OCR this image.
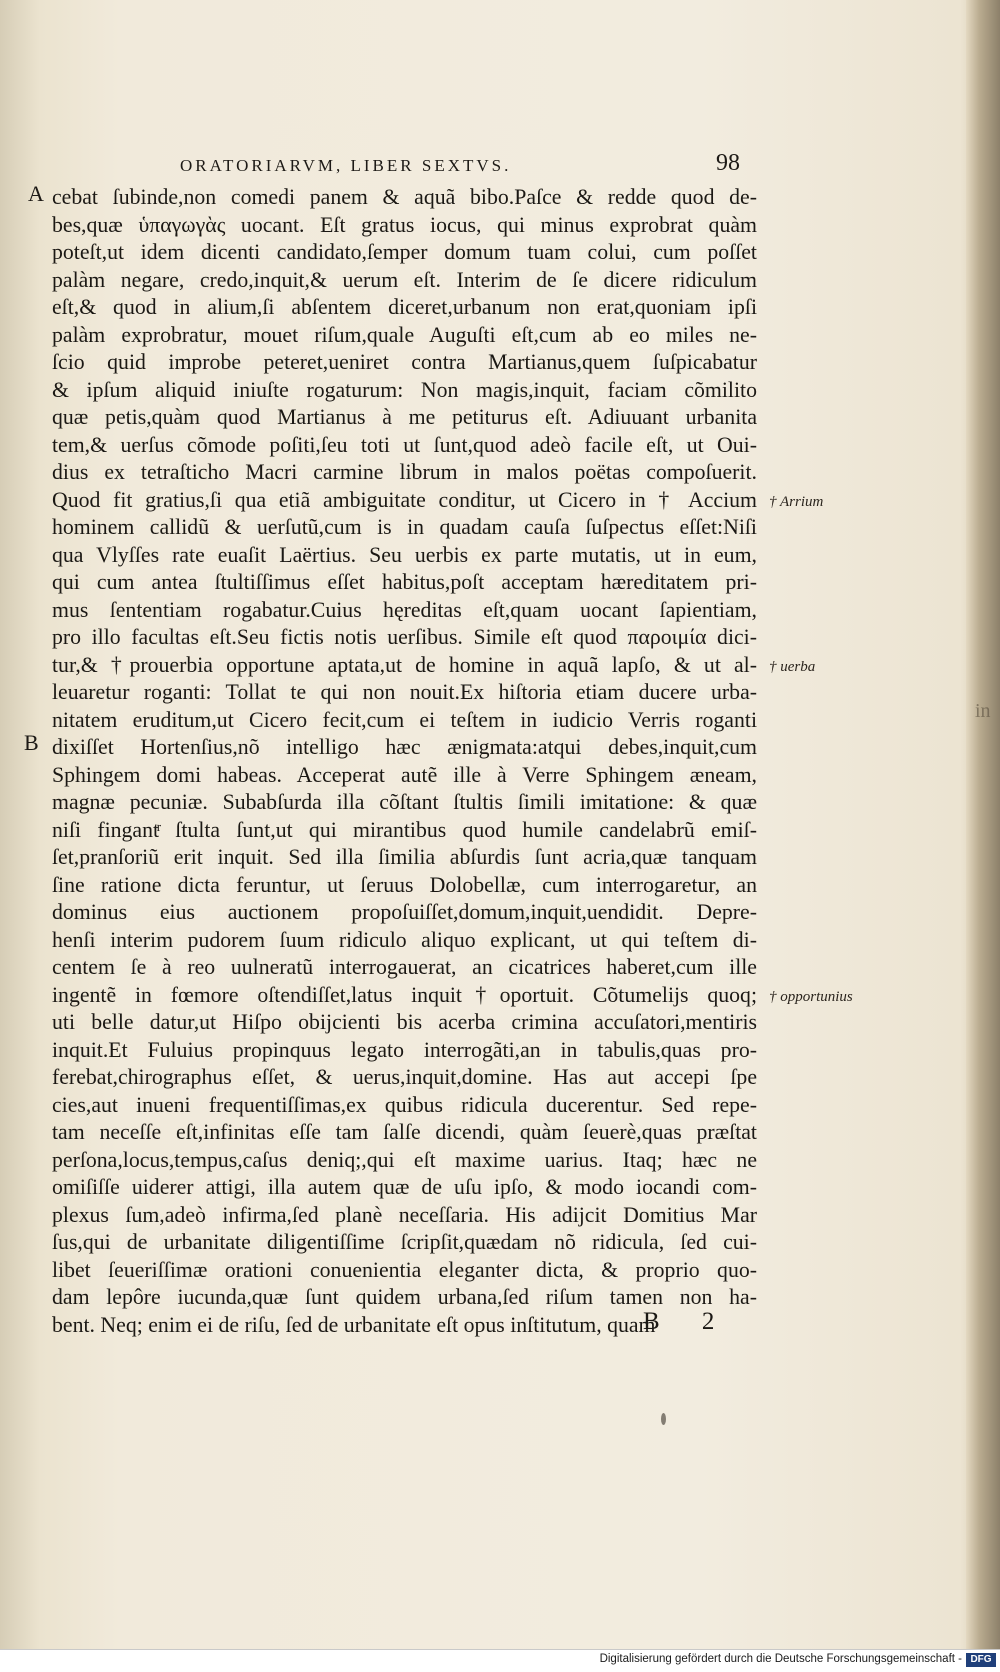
in
ORATORIARVM, LIBER SEXTVS.	98
A
B
cebat ſubinde,non comedi panem & aquã bibo.Paſce & redde quod de-
bes,quæ ὑπαγωγὰς uocant. Eſt gratus iocus, qui minus exprobrat quàm
poteſt,ut idem dicenti candidato,ſemper domum tuam colui, cum poſſet
palàm negare, credo,inquit,& uerum eſt. Interim de ſe dicere ridiculum
eſt,& quod in alium,ſi abſentem diceret,urbanum non erat,quoniam ipſi
palàm exprobratur, mouet riſum,quale Auguſti eſt,cum ab eo miles ne-
ſcio quid improbe peteret,ueniret contra Martianus,quem ſuſpicabatur
& ipſum aliquid iniuſte rogaturum: Non magis,inquit, faciam cõmilito
quæ petis,quàm quod Martianus à me petiturus eſt. Adiuuant urbanita
tem,& uerſus cõmode poſiti,ſeu toti ut ſunt,quod adeò facile eſt, ut Oui-
dius ex tetraſticho Macri carmine librum in malos poëtas compoſuerit.
Quod fit gratius,ſi qua etiã ambiguitate conditur, ut Cicero in † Accium
hominem callidũ & uerſutũ,cum is in quadam cauſa ſuſpectus eſſet:Niſi
qua Vlyſſes rate euaſit Laërtius. Seu uerbis ex parte mutatis, ut in eum,
qui cum antea ſtultiſſimus eſſet habitus,poſt acceptam hæreditatem pri-
mus ſententiam rogabatur.Cuius hęreditas eſt,quam uocant ſapientiam,
pro illo facultas eſt.Seu fictis notis uerſibus. Simile eſt quod παροιμία dici-
tur,& †prouerbia opportune aptata,ut de homine in aquã lapſo, & ut al-
leuaretur roganti: Tollat te qui non nouit.Ex hiſtoria etiam ducere urba-
nitatem eruditum,ut Cicero fecit,cum ei teſtem in iudicio Verris roganti
dixiſſet Hortenſius,nõ intelligo hæc ænigmata:atqui debes,inquit,cum
Sphingem domi habeas. Acceperat autẽ ille à Verre Sphingem æneam,
magnæ pecuniæ. Subabſurda illa cõſtant ſtultis ſimili imitatione: & quæ
niſi fingantͬ ſtulta ſunt,ut qui mirantibus quod humile candelabrũ emiſ-
ſet,pranſoriũ erit inquit. Sed illa ſimilia abſurdis ſunt acria,quæ tanquam
ſine ratione dicta feruntur, ut ſeruus Dolobellæ, cum interrogaretur, an
dominus eius auctionem propoſuiſſet,domum,inquit,uendidit. Depre-
henſi interim pudorem ſuum ridiculo aliquo explicant, ut qui teſtem di-
centem ſe à reo uulneratũ interrogauerat, an cicatrices haberet,cum ille
ingentẽ in fœmore oſtendiſſet,latus inquit†oportuit. Cõtumelijs quoq;
uti belle datur,ut Hiſpo obijcienti bis acerba crimina accuſatori,mentiris
inquit.Et Fuluius propinquus legato interrogãti,an in tabulis,quas pro-
ferebat,chirographus eſſet, & uerus,inquit,domine. Has aut accepi ſpe
cies,aut inueni frequentiſſimas,ex quibus ridicula ducerentur. Sed repe-
tam neceſſe eſt,infinitas eſſe tam ſalſe dicendi, quàm ſeuerè,quas præſtat
perſona,locus,tempus,caſus deniq;,qui eſt maxime uarius. Itaq; hæc ne
omiſiſſe uiderer attigi, illa autem quæ de uſu ipſo, & modo iocandi com-
plexus ſum,adeò infirma,ſed planè neceſſaria. His adijcit Domitius Mar
ſus,qui de urbanitate diligentiſſime ſcripſit,quædam nõ ridicula, ſed cui-
libet ſeueriſſimæ orationi conuenientia eleganter dicta, & proprio quo-
dam lepôre iucunda,quæ ſunt quidem urbana,ſed riſum tamen non ha-
bent. Neq; enim ei de riſu, ſed de urbanitate eſt opus inſtitutum, quam
† Arrium
† uerba
† opportunius
B 2
Digitalisierung gefördert durch die Deutsche Forschungsgemeinschaft - DFG
